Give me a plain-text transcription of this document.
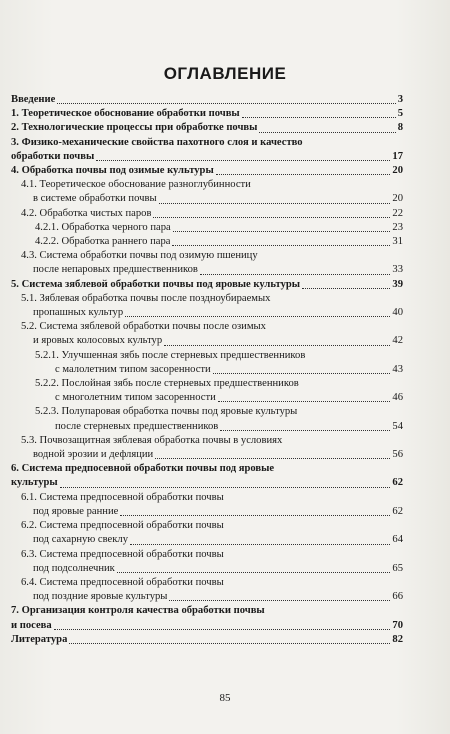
ОГЛАВЛЕНИЕ
Введение	3
1. Теоретическое обоснование обработки почвы	5
2. Технологические процессы при обработке почвы	8
3. Физико-механические свойства пахотного слоя и качество
обработки почвы	17
4. Обработка почвы под озимые культуры	20
4.1. Теоретическое обоснование разноглубинности
в системе обработки почвы	20
4.2. Обработка чистых паров	22
4.2.1. Обработка черного пара	23
4.2.2. Обработка раннего пара	31
4.3. Система обработки почвы под озимую пшеницу
после непаровых предшественников	33
5. Система зяблевой обработки почвы под яровые культуры	39
5.1. Зяблевая обработка почвы после поздноубираемых
пропашных культур	40
5.2. Система зяблевой обработки почвы после озимых
и яровых колосовых культур	42
5.2.1. Улучшенная зябь после стерневых предшественников
с малолетним типом засоренности	43
5.2.2. Послойная зябь после стерневых предшественников
с многолетним типом засоренности	46
5.2.3. Полупаровая обработка почвы под яровые культуры
после стерневых предшественников	54
5.3. Почвозащитная зяблевая обработка почвы в условиях
водной эрозии и дефляции	56
6. Система предпосевной обработки почвы под яровые
культуры	62
6.1. Система предпосевной обработки почвы
под яровые ранние	62
6.2. Система предпосевной обработки почвы
под сахарную свеклу	64
6.3. Система предпосевной обработки почвы
под подсолнечник	65
6.4. Система предпосевной обработки почвы
под поздние яровые культуры	66
7. Организация контроля качества обработки почвы
и посева	70
Литература	82
85
